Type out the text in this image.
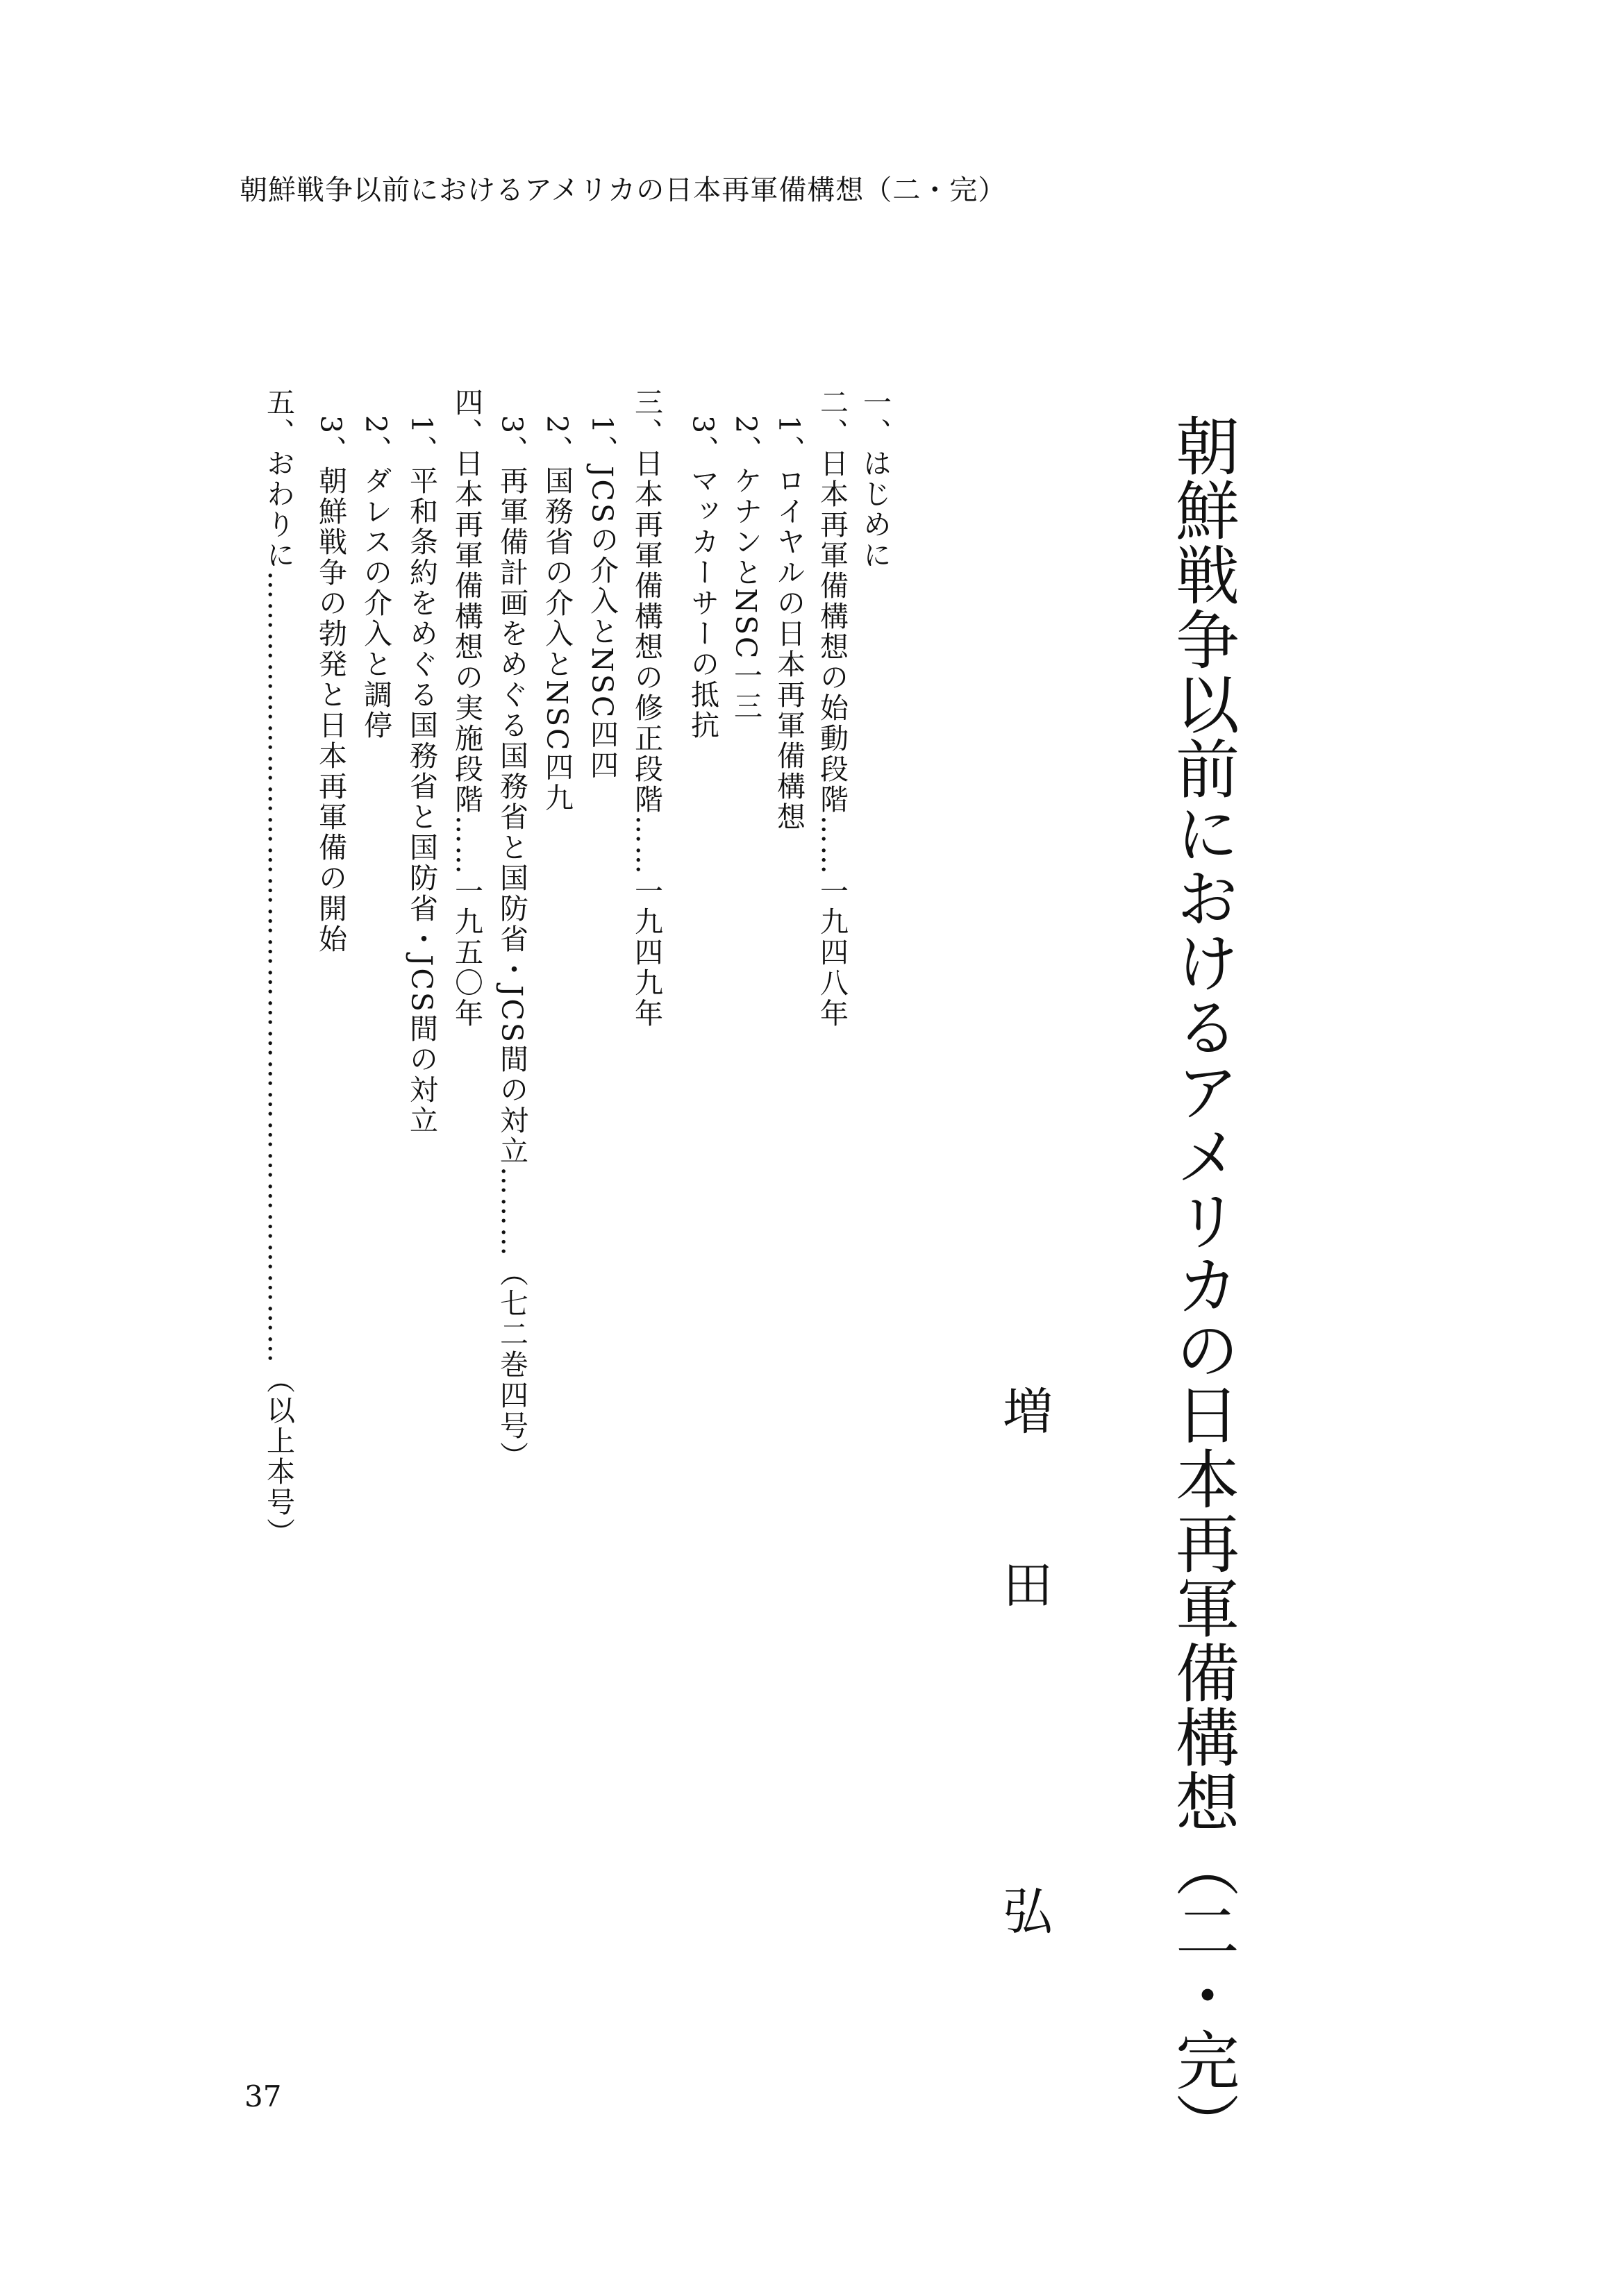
朝鮮戦争以前におけるアメリカの日本再軍備構想（二・完）
朝鮮戦争以前におけるアメリカの日本再軍備構想（二・完）
増
田
弘
一、はじめに
二、日本再軍備構想の始動段階……一九四八年
1、ロイヤルの日本再軍備構想
2、ケナンとNSC一三
3、マッカーサーの抵抗
三、日本再軍備構想の修正段階……一九四九年
1、JCSの介入とNSC四四
2、国務省の介入とNSC四九
3、再軍備計画をめぐる国務省と国防省・JCS間の対立………（七二巻四号）
四、日本再軍備構想の実施段階……一九五〇年
1、平和条約をめぐる国務省と国防省・JCS間の対立
2、ダレスの介入と調停
3、朝鮮戦争の勃発と日本再軍備の開始
五、おわりに……………………………………………………………………（以上本号）
37
